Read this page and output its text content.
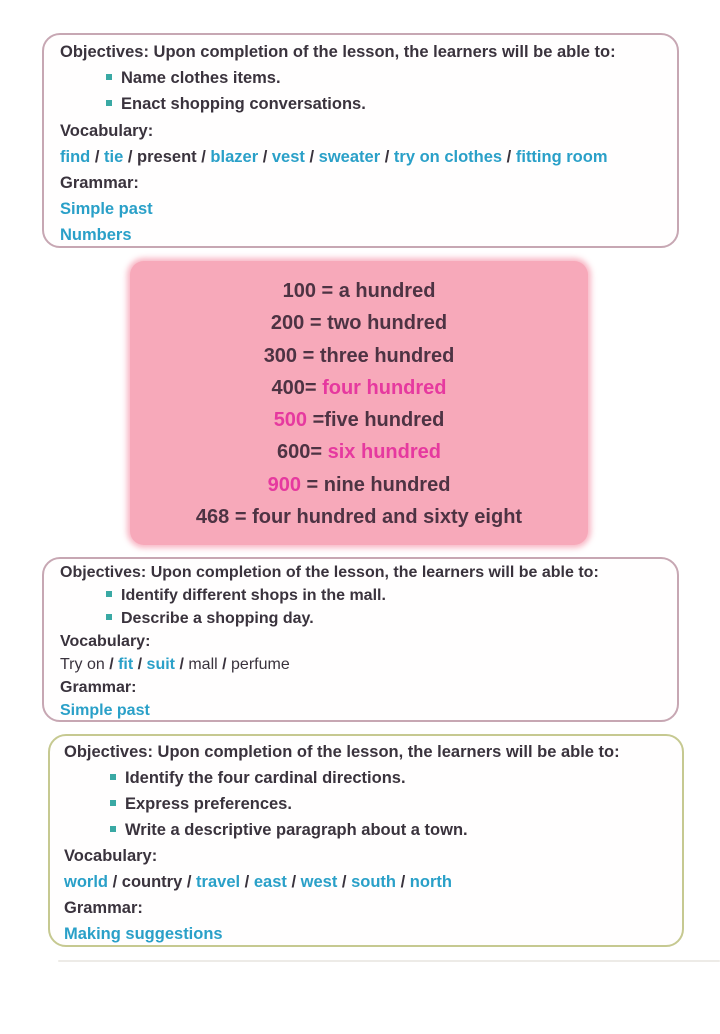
Objectives: Upon completion of the lesson, the learners will be able to:
Name clothes items.
Enact shopping conversations.
Vocabulary:
find / tie / present / blazer / vest / sweater / try on clothes / fitting room
Grammar:
Simple past
Numbers
100 = a hundred
200 = two hundred
300 = three hundred
400= four hundred
500 =five hundred
600= six hundred
900 = nine hundred
468 = four hundred and sixty eight
Objectives: Upon completion of the lesson, the learners will be able to:
Identify different shops in the mall.
Describe a shopping day.
Vocabulary:
Try on / fit / suit / mall / perfume
Grammar:
Simple past
Objectives: Upon completion of the lesson, the learners will be able to:
Identify the four cardinal directions.
Express preferences.
Write a descriptive paragraph about a town.
Vocabulary:
world / country / travel / east / west / south / north
Grammar:
Making suggestions
